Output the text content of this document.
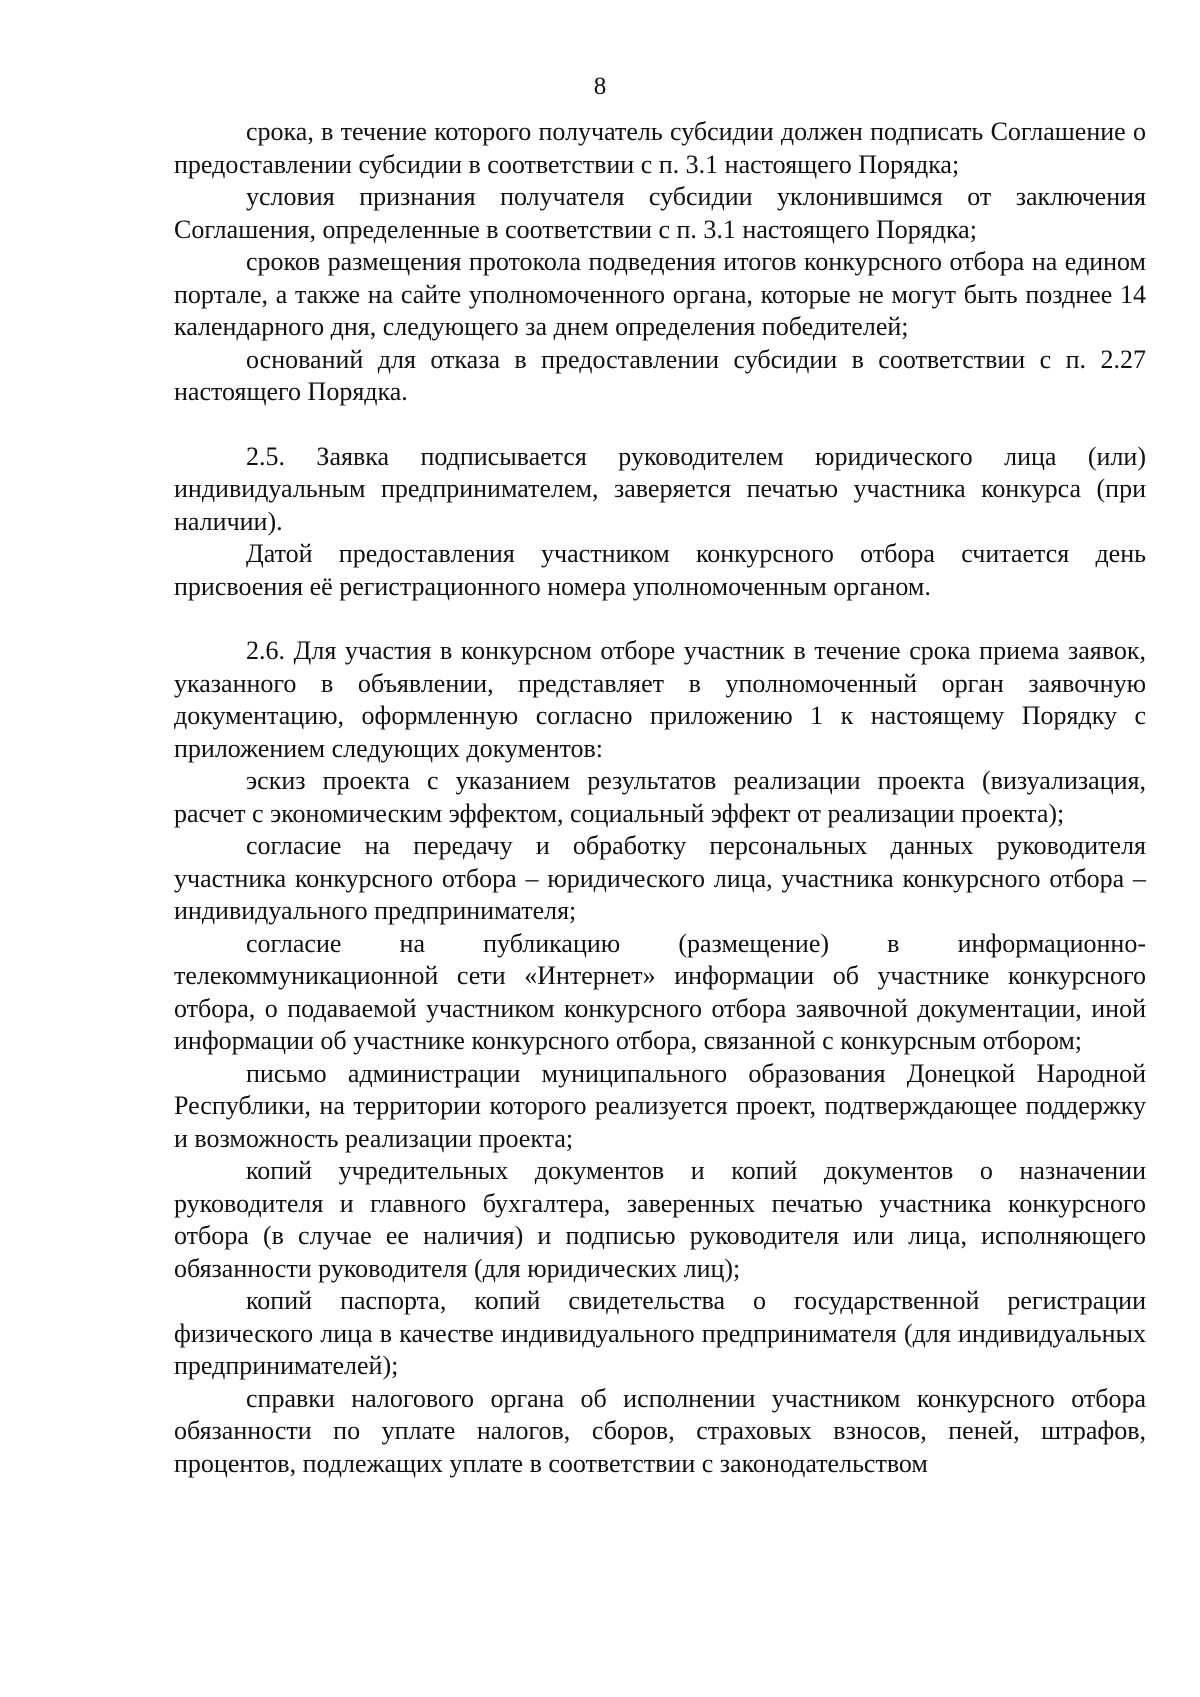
8

срока, в течение которого получатель субсидии должен подписать Соглашение о предоставлении субсидии в соответствии с п. 3.1 настоящего Порядка;

условия признания получателя субсидии уклонившимся от заключения Соглашения, определенные в соответствии с п. 3.1 настоящего Порядка;

сроков размещения протокола подведения итогов конкурсного отбора на едином портале, а также на сайте уполномоченного органа, которые не могут быть позднее 14 календарного дня, следующего за днем определения победителей;

оснований для отказа в предоставлении субсидии в соответствии с п. 2.27 настоящего Порядка.

2.5. Заявка подписывается руководителем юридического лица (или) индивидуальным предпринимателем, заверяется печатью участника конкурса (при наличии).

Датой предоставления участником конкурсного отбора считается день присвоения её регистрационного номера уполномоченным органом.

2.6. Для участия в конкурсном отборе участник в течение срока приема заявок, указанного в объявлении, представляет в уполномоченный орган заявочную документацию, оформленную согласно приложению 1 к настоящему Порядку с приложением следующих документов:

эскиз проекта с указанием результатов реализации проекта (визуализация, расчет с экономическим эффектом, социальный эффект от реализации проекта);

согласие на передачу и обработку персональных данных руководителя участника конкурсного отбора – юридического лица, участника конкурсного отбора – индивидуального предпринимателя;

согласие на публикацию (размещение) в информационно-телекоммуникационной сети «Интернет» информации об участнике конкурсного отбора, о подаваемой участником конкурсного отбора заявочной документации, иной информации об участнике конкурсного отбора, связанной с конкурсным отбором;

письмо администрации муниципального образования Донецкой Народной Республики, на территории которого реализуется проект, подтверждающее поддержку и возможность реализации проекта;

копий учредительных документов и копий документов о назначении руководителя и главного бухгалтера, заверенных печатью участника конкурсного отбора (в случае ее наличия) и подписью руководителя или лица, исполняющего обязанности руководителя (для юридических лиц);

копий паспорта, копий свидетельства о государственной регистрации физического лица в качестве индивидуального предпринимателя (для индивидуальных предпринимателей);

справки налогового органа об исполнении участником конкурсного отбора обязанности по уплате налогов, сборов, страховых взносов, пеней, штрафов, процентов, подлежащих уплате в соответствии с законодательством
